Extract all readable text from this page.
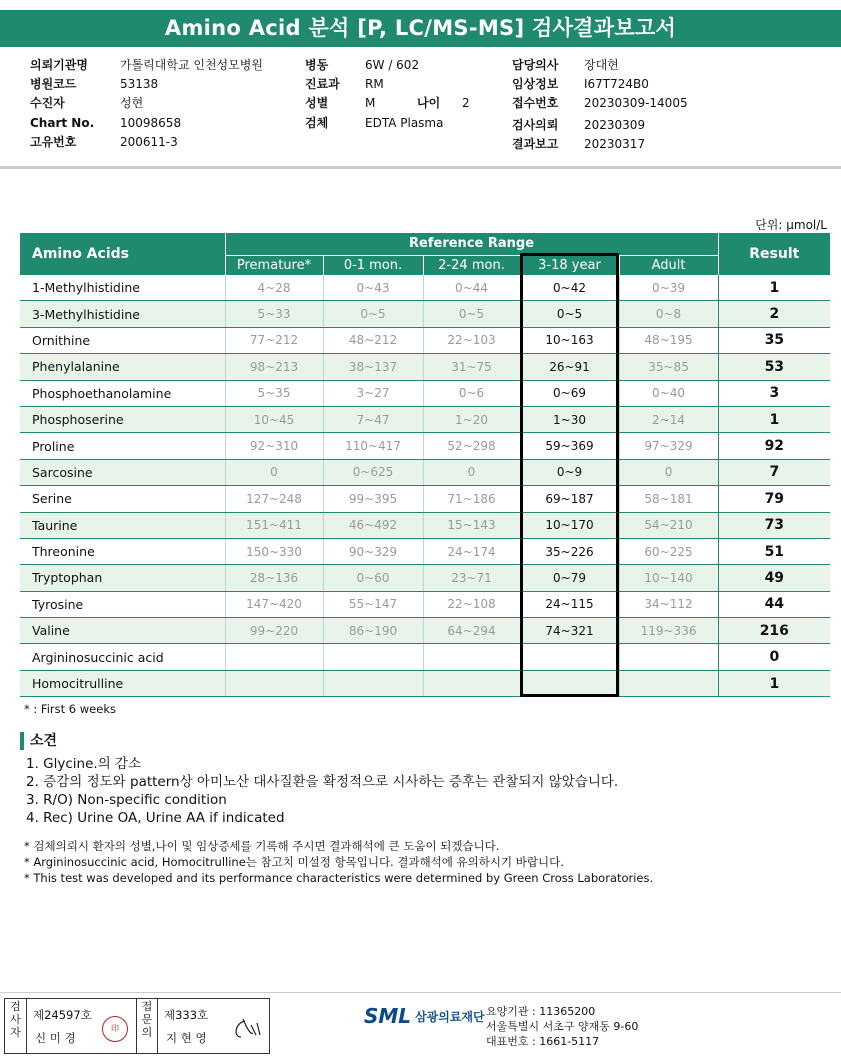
Amino Acid 분석 [P, LC/MS-MS] 검사결과보고서
의뢰기관명	가톨릭대학교 인천성모병원
병원코드	53138
수진자	성현
Chart No. 10098658
고유번호	200611-3
병동	6W / 602
진료과 RM
성별	M
검체	EDTA Plasma
나이 2
담당의사 장대현
임상정보 I67T724B0
접수번호 20230309-14005
검사의뢰 20230309
결과보고 20230317
단위: μmol/L
Amino Acids	Reference Range					Result
	Premature*	0-1 mon.	2-24 mon.	3-18 year	Adult	
1-Methylhistidine	4~28	0~43	0~44	0~42	0~39	1
3-Methylhistidine	5~33	0~5	0~5	0~5	0~8	2
Ornithine	77~212	48~212	22~103	10~163	48~195	35
Phenylalanine	98~213	38~137	31~75	26~91	35~85	53
Phosphoethanolamine	5~35	3~27	0~6	0~69	0~40	3
Phosphoserine	10~45	7~47	1~20	1~30	2~14	1
Proline	92~310	110~417	52~298	59~369	97~329	92
Sarcosine	0	0~625	0	0~9	0	7
Serine	127~248	99~395	71~186	69~187	58~181	79
Taurine	151~411	46~492	15~143	10~170	54~210	73
Threonine	150~330	90~329	24~174	35~226	60~225	51
Tryptophan	28~136	0~60	23~71	0~79	10~140	49
Tyrosine	147~420	55~147	22~108	24~115	34~112	44
Valine	99~220	86~190	64~294	74~321	119~336	216
Argininosuccinic acid						0
Homocitrulline						1
* : First 6 weeks
소견
1. Glycine.의 감소
2. 증감의 정도와 pattern상 아미노산 대사질환을 확정적으로 시사하는 증후는 관찰되지 않았습니다.
3. R/O) Non-specific condition
4. Rec) Urine OA, Urine AA if indicated
* 검체의뢰시 환자의 성별,나이 및 임상증세를 기록해 주시면 결과해석에 큰 도움이 되겠습니다.
* Argininosuccinic acid, Homocitrulline는 참고치 미설정 항목입니다. 결과해석에 유의하시기 바랍니다.
* This test was developed and its performance characteristics were determined by Green Cross Laboratories.
검사자
제24597호
신 미 경
印
접문의
제333호
지 현 영
SML 삼광의료재단 요양기관 : 11365200
서울특별시 서초구 양재동 9-60
대표번호 : 1661-5117
